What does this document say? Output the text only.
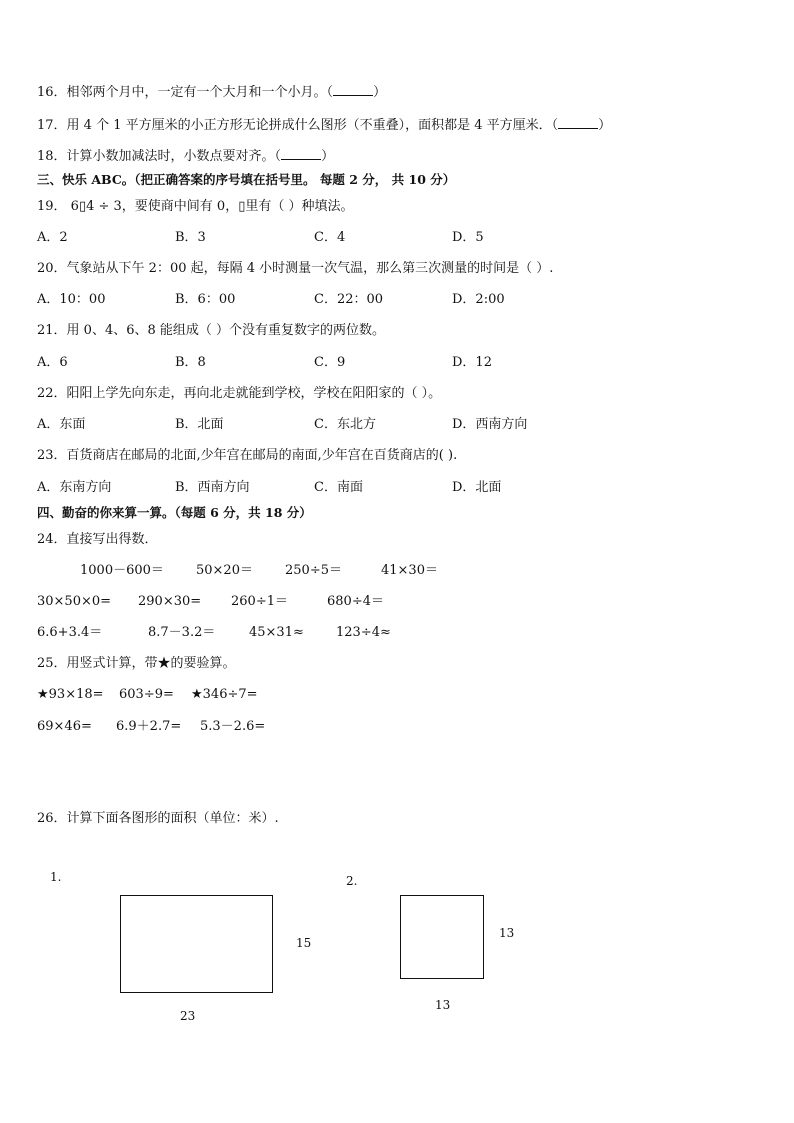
16．相邻两个月中，一定有一个大月和一个小月。（	）
17．用 4 个 1 平方厘米的小正方形无论拼成什么图形（不重叠），面积都是 4 平方厘米．（	）
18．计算小数加减法时，小数点要对齐。（	）
三、快乐 ABC。（把正确答案的序号填在括号里。 每题 2 分， 共 10 分）
19． 6▯4 ÷ 3，要使商中间有 0，▯里有（ ）种填法。
A．2	B．3	C．4	D．5
20．气象站从下午 2：00 起，每隔 4 小时测量一次气温，那么第三次测量的时间是（ ）.
A．10：00	B．6：00	C．22：00	D．2:00
21．用 0、4、6、8 能组成（ ）个没有重复数字的两位数。
A．6	B．8	C．9	D．12
22．阳阳上学先向东走，再向北走就能到学校，学校在阳阳家的（ ）。
A．东面	B．北面	C．东北方	D．西南方向
23．百货商店在邮局的北面,少年宫在邮局的南面,少年宫在百货商店的( ).
A．东南方向	B．西南方向	C．南面	D．北面
四、勤奋的你来算一算。（每题 6 分，共 18 分）
24．直接写出得数．
1000－600＝ 50×20＝ 250÷5＝	41×30＝
30×50×0= 290×30= 260÷1＝	680÷4＝
6.6+3.4＝	8.7－3.2＝	45×31≈ 123÷4≈
25．用竖式计算，带★的要验算。
★93×18= 603÷9= ★346÷7=
69×46= 6.9＋2.7= 5.3－2.6=
26．计算下面各图形的面积（单位：米）.
1.
15
23
2.
13
13
